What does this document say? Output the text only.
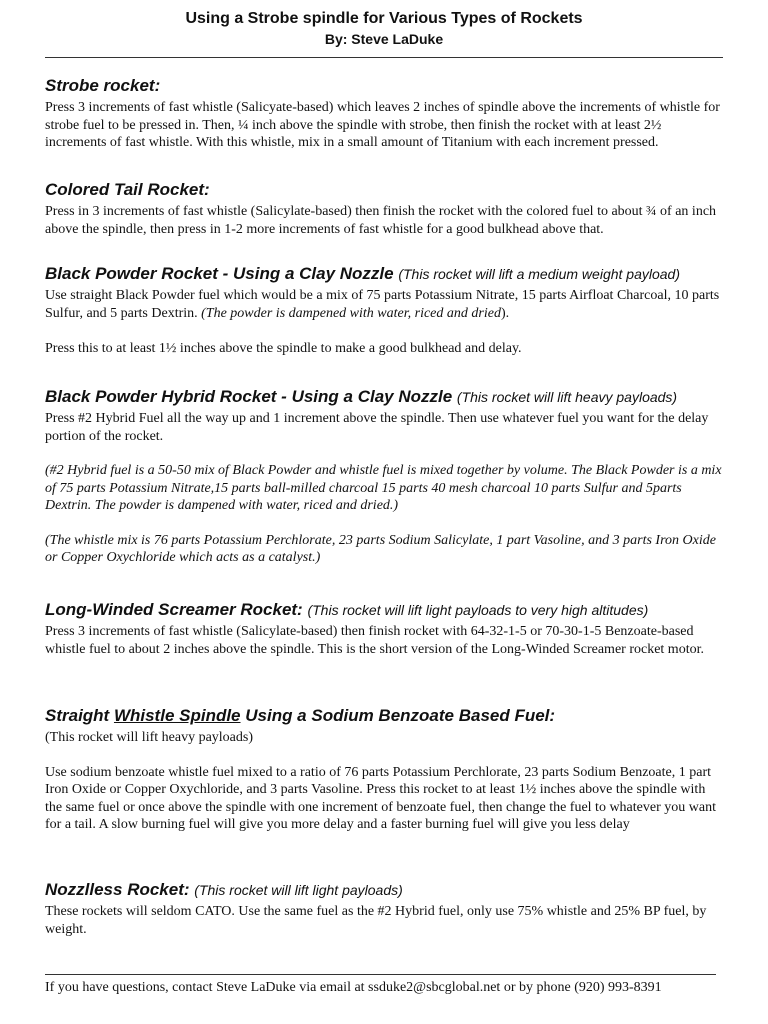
Using a Strobe spindle for Various Types of Rockets
By: Steve LaDuke
Strobe rocket:

Press 3 increments of fast whistle (Salicyate-based) which leaves 2 inches of spindle above the increments of whistle for strobe fuel to be pressed in. Then, ¼ inch above the spindle with strobe, then finish the rocket with at least 2½ increments of fast whistle. With this whistle, mix in a small amount of Titanium with each increment pressed.

Colored Tail Rocket:

Press in 3 increments of fast whistle (Salicylate-based) then finish the rocket with the colored fuel to about ¾ of an inch above the spindle, then press in 1-2 more increments of fast whistle for a good bulkhead above that.

Black Powder Rocket - Using a Clay Nozzle (This rocket will lift a medium weight payload)

Use straight Black Powder fuel which would be a mix of 75 parts Potassium Nitrate, 15 parts Airfloat Charcoal, 10 parts Sulfur, and 5 parts Dextrin. (The powder is dampened with water, riced and dried).

Press this to at least 1½ inches above the spindle to make a good bulkhead and delay.

Black Powder Hybrid Rocket - Using a Clay Nozzle (This rocket will lift heavy payloads)

Press #2 Hybrid Fuel all the way up and 1 increment above the spindle. Then use whatever fuel you want for the delay portion of the rocket.

(#2 Hybrid fuel is a 50-50 mix of Black Powder and whistle fuel is mixed together by volume. The Black Powder is a mix of 75 parts Potassium Nitrate,15 parts ball-milled charcoal 15 parts 40 mesh charcoal 10 parts Sulfur and 5parts Dextrin. The powder is dampened with water, riced and dried.)

(The whistle mix is 76 parts Potassium Perchlorate, 23 parts Sodium Salicylate, 1 part Vasoline, and 3 parts Iron Oxide or Copper Oxychloride which acts as a catalyst.)

Long-Winded Screamer Rocket: (This rocket will lift light payloads to very high altitudes)

Press 3 increments of fast whistle (Salicylate-based) then finish rocket with 64-32-1-5 or 70-30-1-5 Benzoate-based whistle fuel to about 2 inches above the spindle. This is the short version of the Long-Winded Screamer rocket motor.

Straight Whistle Spindle Using a Sodium Benzoate Based Fuel:

(This rocket will lift heavy payloads)

Use sodium benzoate whistle fuel mixed to a ratio of 76 parts Potassium Perchlorate, 23 parts Sodium Benzoate, 1 part Iron Oxide or Copper Oxychloride, and 3 parts Vasoline. Press this rocket to at least 1½ inches above the spindle with the same fuel or once above the spindle with one increment of benzoate fuel, then change the fuel to whatever you want for a tail. A slow burning fuel will give you more delay and a faster burning fuel will give you less delay

Nozzlless Rocket: (This rocket will lift light payloads)

These rockets will seldom CATO. Use the same fuel as the #2 Hybrid fuel, only use 75% whistle and 25% BP fuel, by weight.

If you have questions, contact Steve LaDuke via email at ssduke2@sbcglobal.net or by phone (920) 993-8391
